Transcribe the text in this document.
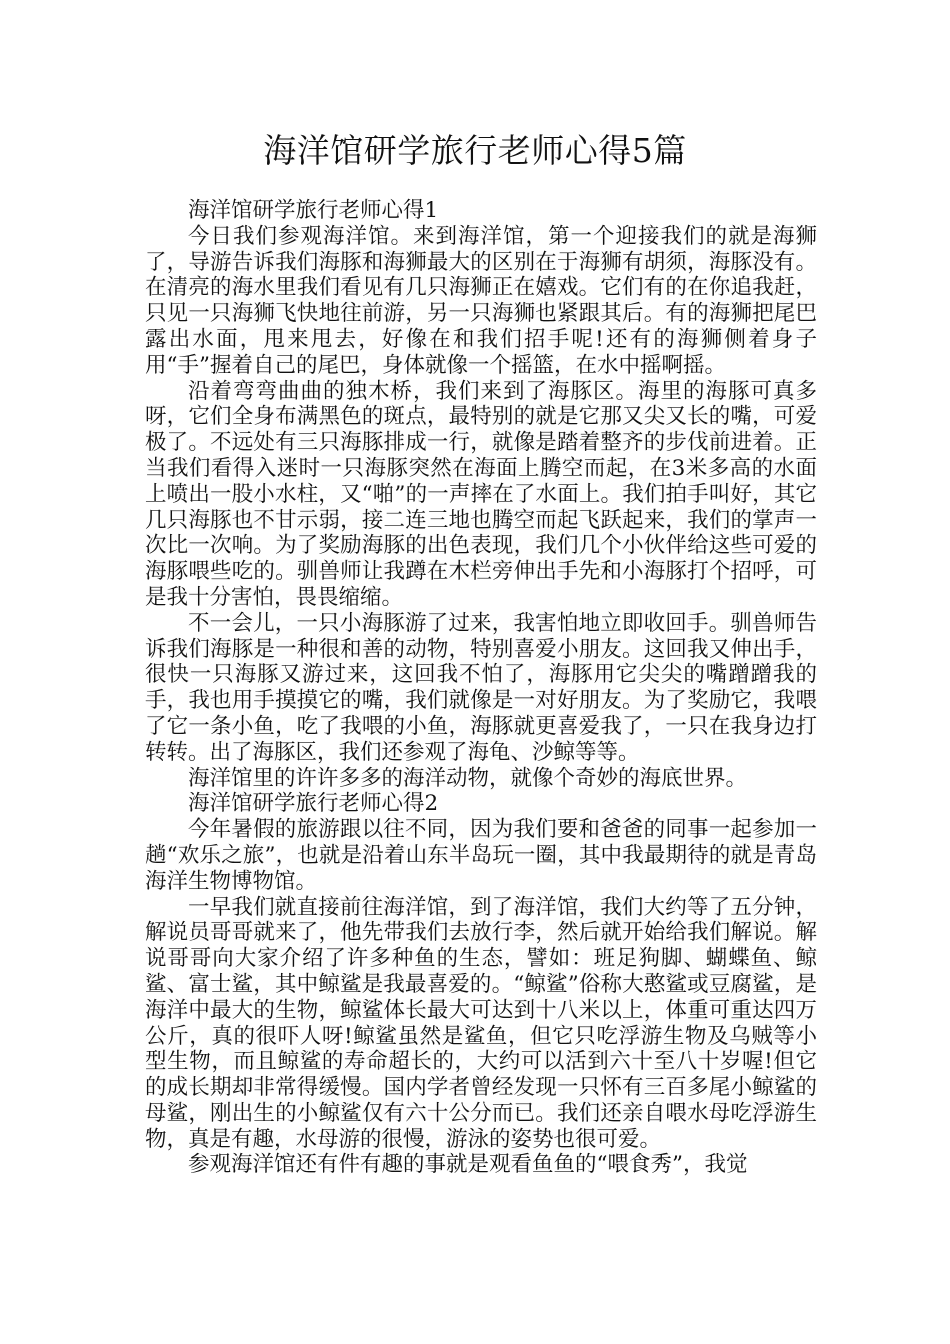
海洋馆研学旅行老师心得5篇

海洋馆研学旅行老师心得1

今日我们参观海洋馆。来到海洋馆，第一个迎接我们的就是海狮了，导游告诉我们海豚和海狮最大的区别在于海狮有胡须，海豚没有。在清亮的海水里我们看见有几只海狮正在嬉戏。它们有的在你追我赶，只见一只海狮飞快地往前游，另一只海狮也紧跟其后。有的海狮把尾巴露出水面，甩来甩去，好像在和我们招手呢!还有的海狮侧着身子用“手”握着自己的尾巴，身体就像一个摇篮，在水中摇啊摇。

沿着弯弯曲曲的独木桥，我们来到了海豚区。海里的海豚可真多呀，它们全身布满黑色的斑点，最特别的就是它那又尖又长的嘴，可爱极了。不远处有三只海豚排成一行，就像是踏着整齐的步伐前进着。正当我们看得入迷时一只海豚突然在海面上腾空而起，在3米多高的水面上喷出一股小水柱，又“啪”的一声摔在了水面上。我们拍手叫好，其它几只海豚也不甘示弱，接二连三地也腾空而起飞跃起来，我们的掌声一次比一次响。为了奖励海豚的出色表现，我们几个小伙伴给这些可爱的海豚喂些吃的。驯兽师让我蹲在木栏旁伸出手先和小海豚打个招呼，可是我十分害怕，畏畏缩缩。

不一会儿，一只小海豚游了过来，我害怕地立即收回手。驯兽师告诉我们海豚是一种很和善的动物，特别喜爱小朋友。这回我又伸出手，很快一只海豚又游过来，这回我不怕了，海豚用它尖尖的嘴蹭蹭我的手，我也用手摸摸它的嘴，我们就像是一对好朋友。为了奖励它，我喂了它一条小鱼，吃了我喂的小鱼，海豚就更喜爱我了，一只在我身边打转转。出了海豚区，我们还参观了海龟、沙鲸等等。

海洋馆里的许许多多的海洋动物，就像个奇妙的海底世界。

海洋馆研学旅行老师心得2

今年暑假的旅游跟以往不同，因为我们要和爸爸的同事一起参加一趟“欢乐之旅”，也就是沿着山东半岛玩一圈，其中我最期待的就是青岛海洋生物博物馆。

一早我们就直接前往海洋馆，到了海洋馆，我们大约等了五分钟，解说员哥哥就来了，他先带我们去放行李，然后就开始给我们解说。解说哥哥向大家介绍了许多种鱼的生态，譬如：班足狗脚、蝴蝶鱼、鲸鲨、富士鲨，其中鲸鲨是我最喜爱的。“鲸鲨”俗称大憨鲨或豆腐鲨，是海洋中最大的生物，鲸鲨体长最大可达到十八米以上，体重可重达四万公斤，真的很吓人呀!鲸鲨虽然是鲨鱼，但它只吃浮游生物及乌贼等小型生物，而且鲸鲨的寿命超长的，大约可以活到六十至八十岁喔!但它的成长期却非常得缓慢。国内学者曾经发现一只怀有三百多尾小鲸鲨的母鲨，刚出生的小鲸鲨仅有六十公分而已。我们还亲自喂水母吃浮游生物，真是有趣，水母游的很慢，游泳的姿势也很可爱。

参观海洋馆还有件有趣的事就是观看鱼鱼的“喂食秀”，我觉
